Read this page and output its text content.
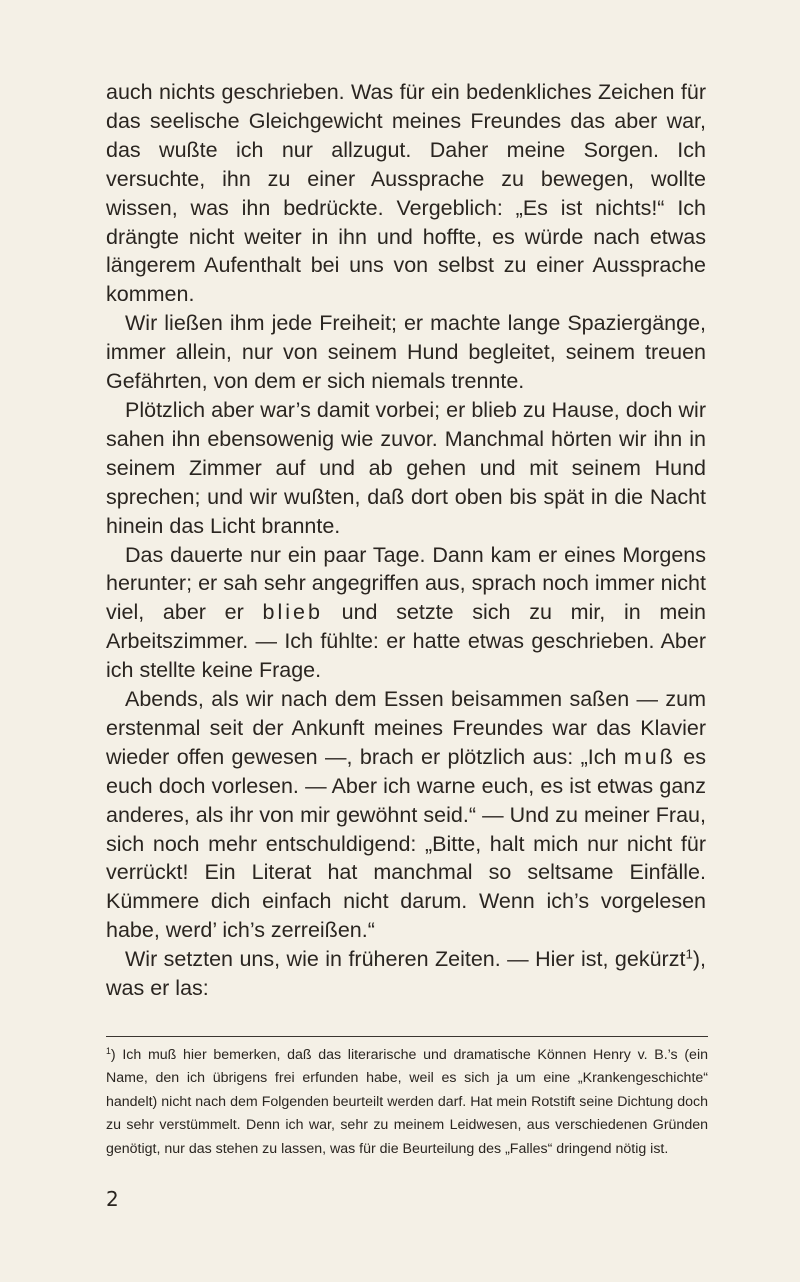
auch nichts geschrieben. Was für ein bedenkliches Zeichen für das seelische Gleichgewicht meines Freundes das aber war, das wußte ich nur allzugut. Daher meine Sorgen. Ich versuchte, ihn zu einer Aussprache zu bewegen, wollte wissen, was ihn bedrückte. Vergeblich: „Es ist nichts!“ Ich drängte nicht weiter in ihn und hoffte, es würde nach etwas längerem Aufenthalt bei uns von selbst zu einer Aussprache kommen.

Wir ließen ihm jede Freiheit; er machte lange Spaziergänge, immer allein, nur von seinem Hund begleitet, seinem treuen Gefährten, von dem er sich niemals trennte.

Plötzlich aber war’s damit vorbei; er blieb zu Hause, doch wir sahen ihn ebensowenig wie zuvor. Manchmal hörten wir ihn in seinem Zimmer auf und ab gehen und mit seinem Hund sprechen; und wir wußten, daß dort oben bis spät in die Nacht hinein das Licht brannte.

Das dauerte nur ein paar Tage. Dann kam er eines Morgens herunter; er sah sehr angegriffen aus, sprach noch immer nicht viel, aber er blieb und setzte sich zu mir, in mein Arbeitszimmer. — Ich fühlte: er hatte etwas geschrieben. Aber ich stellte keine Frage.

Abends, als wir nach dem Essen beisammen saßen — zum erstenmal seit der Ankunft meines Freundes war das Klavier wieder offen gewesen —, brach er plötzlich aus: „Ich muß es euch doch vorlesen. — Aber ich warne euch, es ist etwas ganz anderes, als ihr von mir gewöhnt seid.“ — Und zu meiner Frau, sich noch mehr entschuldigend: „Bitte, halt mich nur nicht für verrückt! Ein Literat hat manchmal so seltsame Einfälle. Kümmere dich einfach nicht darum. Wenn ich’s vorgelesen habe, werd’ ich’s zerreißen.“

Wir setzten uns, wie in früheren Zeiten. — Hier ist, gekürzt$^1$), was er las:

$^1$) Ich muß hier bemerken, daß das literarische und dramatische Können Henry v. B.’s (ein Name, den ich übrigens frei erfunden habe, weil es sich ja um eine „Krankengeschichte“ handelt) nicht nach dem Folgenden beurteilt werden darf. Hat mein Rotstift seine Dichtung doch zu sehr verstümmelt. Denn ich war, sehr zu meinem Leidwesen, aus verschiedenen Gründen genötigt, nur das stehen zu lassen, was für die Beurteilung des „Falles“ dringend nötig ist.

2
